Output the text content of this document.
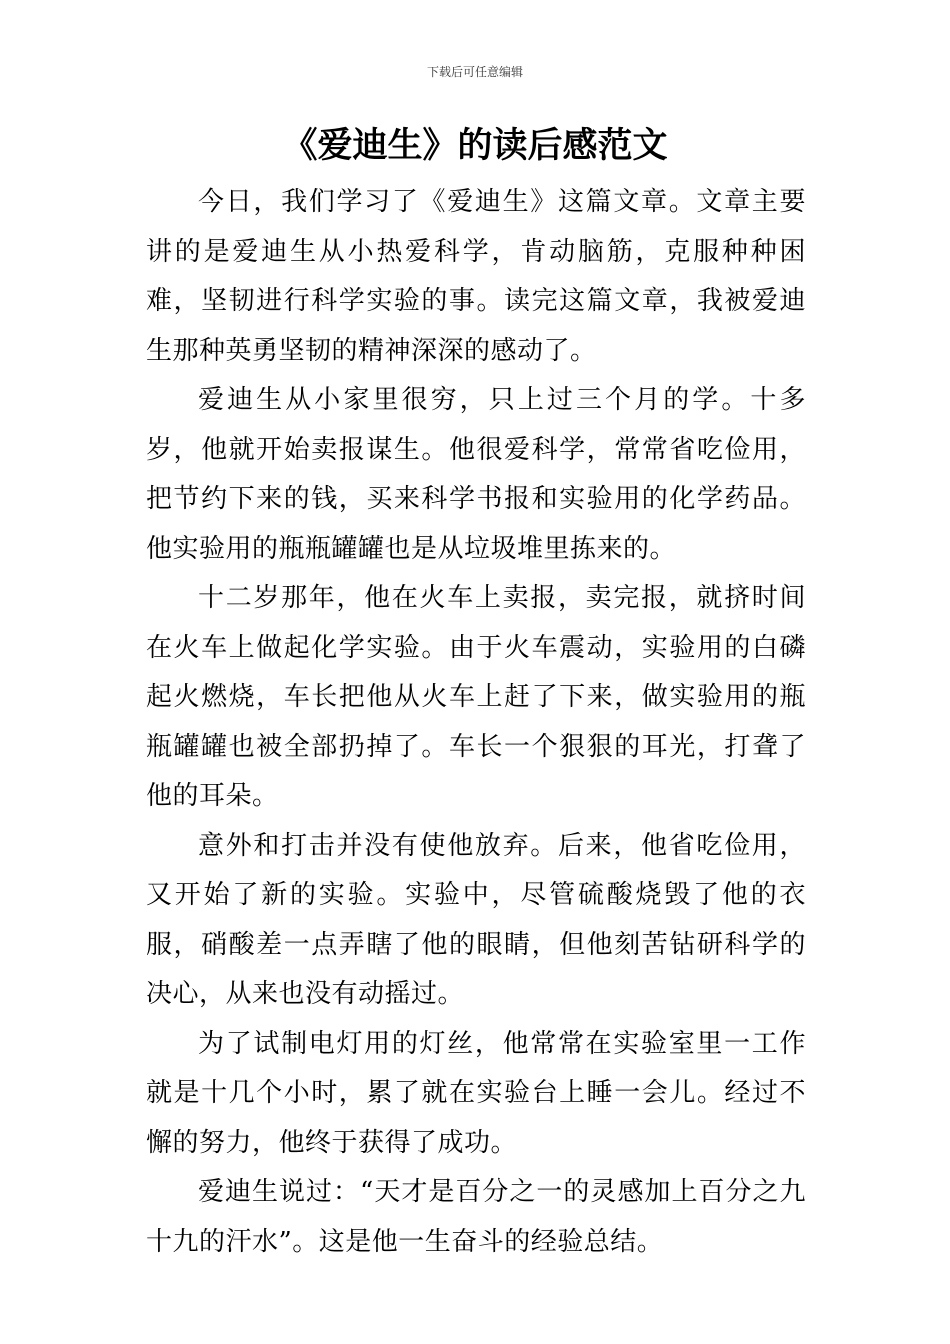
下载后可任意编辑
《爱迪生》的读后感范文

今日，我们学习了《爱迪生》这篇文章。文章主要讲的是爱迪生从小热爱科学，肯动脑筋，克服种种困难，坚韧进行科学实验的事。读完这篇文章，我被爱迪生那种英勇坚韧的精神深深的感动了。

爱迪生从小家里很穷，只上过三个月的学。十多岁，他就开始卖报谋生。他很爱科学，常常省吃俭用，把节约下来的钱，买来科学书报和实验用的化学药品。他实验用的瓶瓶罐罐也是从垃圾堆里拣来的。

十二岁那年，他在火车上卖报，卖完报，就挤时间在火车上做起化学实验。由于火车震动，实验用的白磷起火燃烧，车长把他从火车上赶了下来，做实验用的瓶瓶罐罐也被全部扔掉了。车长一个狠狠的耳光，打聋了他的耳朵。

意外和打击并没有使他放弃。后来，他省吃俭用，又开始了新的实验。实验中，尽管硫酸烧毁了他的衣服，硝酸差一点弄瞎了他的眼睛，但他刻苦钻研科学的决心，从来也没有动摇过。

为了试制电灯用的灯丝，他常常在实验室里一工作就是十几个小时，累了就在实验台上睡一会儿。经过不懈的努力，他终于获得了成功。

爱迪生说过：“天才是百分之一的灵感加上百分之九十九的汗水”。这是他一生奋斗的经验总结。
